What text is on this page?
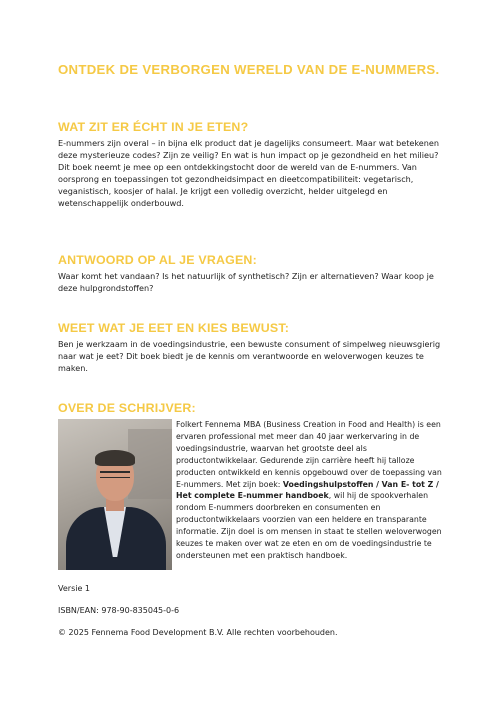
ONTDEK DE VERBORGEN WERELD VAN DE E-NUMMERS.
WAT ZIT ER ÉCHT IN JE ETEN?

E-nummers zijn overal – in bijna elk product dat je dagelijks consumeert. Maar wat betekenen deze mysterieuze codes? Zijn ze veilig? En wat is hun impact op je gezondheid en het milieu?

Dit boek neemt je mee op een ontdekkingstocht door de wereld van de E-nummers. Van oorsprong en toepassingen tot gezondheidsimpact en dieetcompatibiliteit: vegetarisch, veganistisch, koosjer of halal. Je krijgt een volledig overzicht, helder uitgelegd en wetenschappelijk onderbouwd.

ANTWOORD OP AL JE VRAGEN:

Waar komt het vandaan? Is het natuurlijk of synthetisch? Zijn er alternatieven? Waar koop je deze hulpgrondstoffen?

WEET WAT JE EET EN KIES BEWUST:

Ben je werkzaam in de voedingsindustrie, een bewuste consument of simpelweg nieuwsgierig naar wat je eet? Dit boek biedt je de kennis om verantwoorde en weloverwogen keuzes te maken.

OVER DE SCHRIJVER:

Folkert Fennema MBA (Business Creation in Food and Health) is een ervaren professional met meer dan 40 jaar werkervaring in de voedingsindustrie, waarvan het grootste deel als productontwikkelaar. Gedurende zijn carrière heeft hij talloze producten ontwikkeld en kennis opgebouwd over de toepassing van E-nummers. Met zijn boek: Voedingshulpstoffen / Van E- tot Z / Het complete E-nummer handboek, wil hij de spookverhalen rondom E-nummers doorbreken en consumenten en productontwikkelaars voorzien van een heldere en transparante informatie. Zijn doel is om mensen in staat te stellen weloverwogen keuzes te maken over wat ze eten en om de voedingsindustrie te ondersteunen met een praktisch handboek.

Versie 1

ISBN/EAN: 978-90-835045-0-6

© 2025 Fennema Food Development B.V. Alle rechten voorbehouden.
